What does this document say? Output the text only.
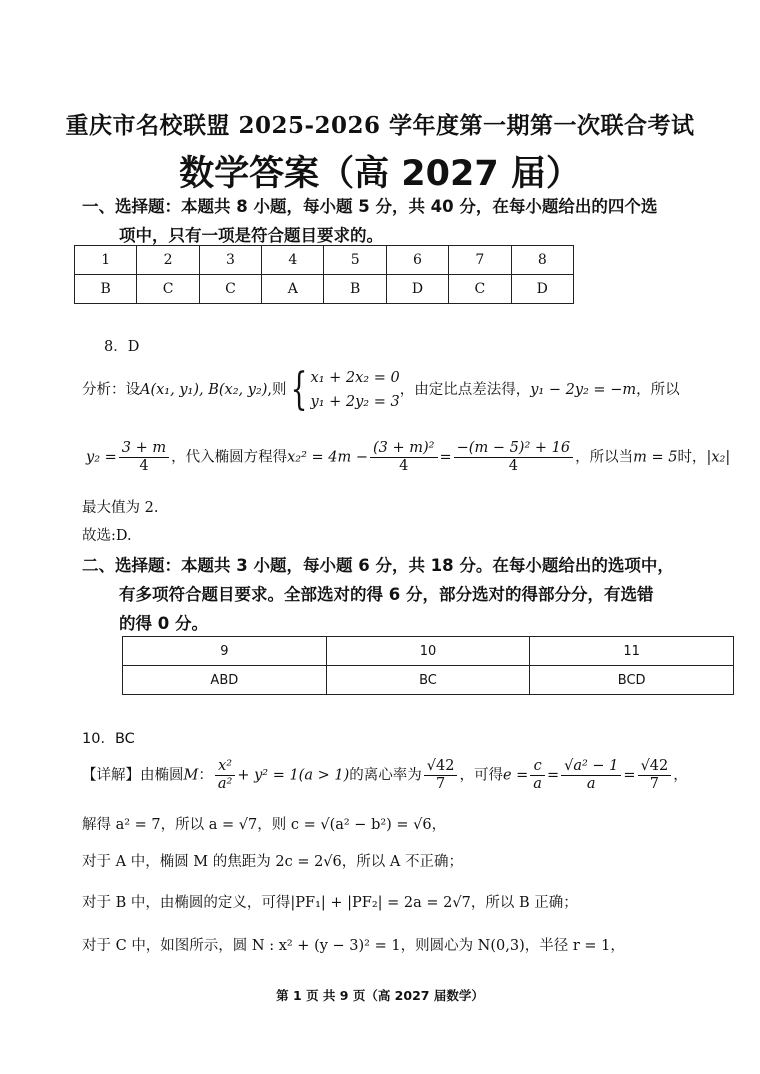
重庆市名校联盟 2025-2026 学年度第一期第一次联合考试
数学答案（高 2027 届）
一、选择题：本题共 8 小题，每小题 5 分，共 40 分，在每小题给出的四个选
项中，只有一项是符合题目要求的。
1	2	3	4	5	6	7	8
B	C	C	A	B	D	C	D
8．D
分析：设A(x₁, y₁), B(x₂, y₂),则{ x₁ + 2x₂ = 0
y₁ + 2y₂ = 3
，由定比点差法得，y₁ − 2y₂ = −m，所以
$y_2 = \frac{3 + m}{4}$ ，代入椭圆方程得$x_2^2 = 4m - \frac{\text{(3 + m)²}}{4} = \frac{\text{−(m − 5)² + 16}}{4}$ ，所以当m = 5时，|x₂|
最大值为 2.
故选:D.
二、选择题：本题共 3 小题，每小题 6 分，共 18 分。在每小题给出的选项中，
有多项符合题目要求。全部选对的得 6 分，部分选对的得部分分，有选错
的得 0 分。
9	10	11
ABD	BC	BCD
10．BC
【详解】由椭圆M： $\frac{\text{x²}}{\text{a²}} + y^2 = 1(a > 1)$的离心率为 $\frac{√42}{7}$ ，可得$e = \frac{c}{a} = \frac{\text{√a² − 1}}{a} = \frac{√42}{7}$ ，
解得 a² = 7，所以 a = √7，则 c = √(a² − b²) = √6，
对于 A 中，椭圆 M 的焦距为 2c = 2√6，所以 A 不正确；
对于 B 中，由椭圆的定义，可得|PF₁| + |PF₂| = 2a = 2√7，所以 B 正确；
对于 C 中，如图所示，圆 N : x² + (y − 3)² = 1，则圆心为 N(0,3)，半径 r = 1，
第 1 页 共 9 页（高 2027 届数学）
